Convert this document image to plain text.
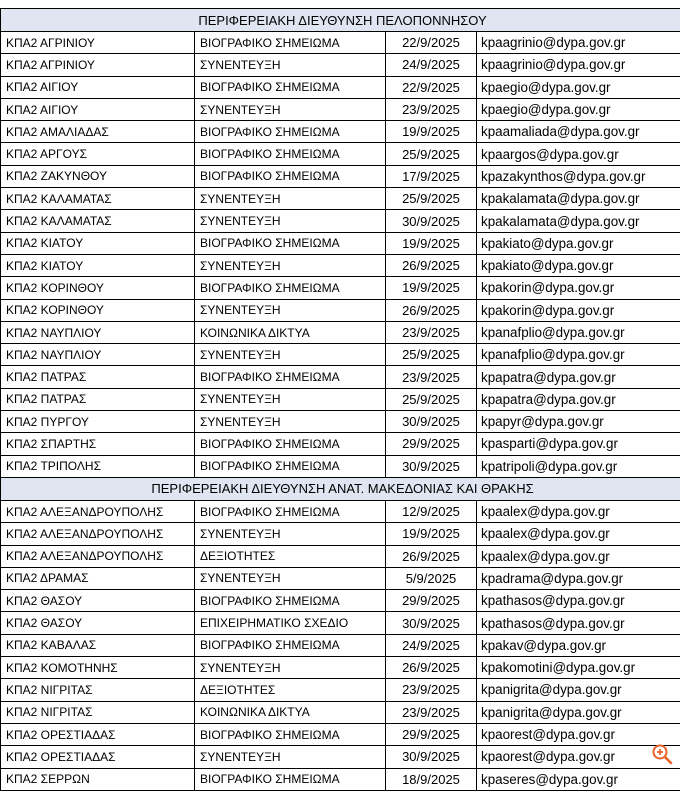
ΠΕΡΙΦΕΡΕΙΑΚΗ ΔΙΕΥΘΥΝΣΗ ΠΕΛΟΠΟΝΝΗΣΟΥ			
ΚΠΑ2 ΑΓΡΙΝΙΟΥ	ΒΙΟΓΡΑΦΙΚΟ ΣΗΜΕΙΩΜΑ	22/9/2025	kpaagrinio@dypa.gov.gr
ΚΠΑ2 ΑΓΡΙΝΙΟΥ	ΣΥΝΕΝΤΕΥΞΗ	24/9/2025	kpaagrinio@dypa.gov.gr
ΚΠΑ2 ΑΙΓΙΟΥ	ΒΙΟΓΡΑΦΙΚΟ ΣΗΜΕΙΩΜΑ	22/9/2025	kpaegio@dypa.gov.gr
ΚΠΑ2 ΑΙΓΙΟΥ	ΣΥΝΕΝΤΕΥΞΗ	23/9/2025	kpaegio@dypa.gov.gr
ΚΠΑ2 ΑΜΑΛΙΑΔΑΣ	ΒΙΟΓΡΑΦΙΚΟ ΣΗΜΕΙΩΜΑ	19/9/2025	kpaamaliada@dypa.gov.gr
ΚΠΑ2 ΑΡΓΟΥΣ	ΒΙΟΓΡΑΦΙΚΟ ΣΗΜΕΙΩΜΑ	25/9/2025	kpaargos@dypa.gov.gr
ΚΠΑ2 ΖΑΚΥΝΘΟΥ	ΒΙΟΓΡΑΦΙΚΟ ΣΗΜΕΙΩΜΑ	17/9/2025	kpazakynthos@dypa.gov.gr
ΚΠΑ2 ΚΑΛΑΜΑΤΑΣ	ΣΥΝΕΝΤΕΥΞΗ	25/9/2025	kpakalamata@dypa.gov.gr
ΚΠΑ2 ΚΑΛΑΜΑΤΑΣ	ΣΥΝΕΝΤΕΥΞΗ	30/9/2025	kpakalamata@dypa.gov.gr
ΚΠΑ2 ΚΙΑΤΟΥ	ΒΙΟΓΡΑΦΙΚΟ ΣΗΜΕΙΩΜΑ	19/9/2025	kpakiato@dypa.gov.gr
ΚΠΑ2 ΚΙΑΤΟΥ	ΣΥΝΕΝΤΕΥΞΗ	26/9/2025	kpakiato@dypa.gov.gr
ΚΠΑ2 ΚΟΡΙΝΘΟΥ	ΒΙΟΓΡΑΦΙΚΟ ΣΗΜΕΙΩΜΑ	19/9/2025	kpakorin@dypa.gov.gr
ΚΠΑ2 ΚΟΡΙΝΘΟΥ	ΣΥΝΕΝΤΕΥΞΗ	26/9/2025	kpakorin@dypa.gov.gr
ΚΠΑ2 ΝΑΥΠΛΙΟΥ	ΚΟΙΝΩΝΙΚΑ ΔΙΚΤΥΑ	23/9/2025	kpanafplio@dypa.gov.gr
ΚΠΑ2 ΝΑΥΠΛΙΟΥ	ΣΥΝΕΝΤΕΥΞΗ	25/9/2025	kpanafplio@dypa.gov.gr
ΚΠΑ2 ΠΑΤΡΑΣ	ΒΙΟΓΡΑΦΙΚΟ ΣΗΜΕΙΩΜΑ	23/9/2025	kpapatra@dypa.gov.gr
ΚΠΑ2 ΠΑΤΡΑΣ	ΣΥΝΕΝΤΕΥΞΗ	25/9/2025	kpapatra@dypa.gov.gr
ΚΠΑ2 ΠΥΡΓΟΥ	ΣΥΝΕΝΤΕΥΞΗ	30/9/2025	kpapyr@dypa.gov.gr
ΚΠΑ2 ΣΠΑΡΤΗΣ	ΒΙΟΓΡΑΦΙΚΟ ΣΗΜΕΙΩΜΑ	29/9/2025	kpasparti@dypa.gov.gr
ΚΠΑ2 ΤΡΙΠΟΛΗΣ	ΒΙΟΓΡΑΦΙΚΟ ΣΗΜΕΙΩΜΑ	30/9/2025	kpatripoli@dypa.gov.gr
ΠΕΡΙΦΕΡΕΙΑΚΗ ΔΙΕΥΘΥΝΣΗ ΑΝΑΤ. ΜΑΚΕΔΟΝΙΑΣ ΚΑΙ ΘΡΑΚΗΣ			
ΚΠΑ2 ΑΛΕΞΑΝΔΡΟΥΠΟΛΗΣ	ΒΙΟΓΡΑΦΙΚΟ ΣΗΜΕΙΩΜΑ	12/9/2025	kpaalex@dypa.gov.gr
ΚΠΑ2 ΑΛΕΞΑΝΔΡΟΥΠΟΛΗΣ	ΣΥΝΕΝΤΕΥΞΗ	19/9/2025	kpaalex@dypa.gov.gr
ΚΠΑ2 ΑΛΕΞΑΝΔΡΟΥΠΟΛΗΣ	ΔΕΞΙΟΤΗΤΕΣ	26/9/2025	kpaalex@dypa.gov.gr
ΚΠΑ2 ΔΡΑΜΑΣ	ΣΥΝΕΝΤΕΥΞΗ	5/9/2025	kpadrama@dypa.gov.gr
ΚΠΑ2 ΘΑΣΟΥ	ΒΙΟΓΡΑΦΙΚΟ ΣΗΜΕΙΩΜΑ	29/9/2025	kpathasos@dypa.gov.gr
ΚΠΑ2 ΘΑΣΟΥ	ΕΠΙΧΕΙΡΗΜΑΤΙΚΟ ΣΧΕΔΙΟ	30/9/2025	kpathasos@dypa.gov.gr
ΚΠΑ2 ΚΑΒΑΛΑΣ	ΒΙΟΓΡΑΦΙΚΟ ΣΗΜΕΙΩΜΑ	24/9/2025	kpakav@dypa.gov.gr
ΚΠΑ2 ΚΟΜΟΤΗΝΗΣ	ΣΥΝΕΝΤΕΥΞΗ	26/9/2025	kpakomotini@dypa.gov.gr
ΚΠΑ2 ΝΙΓΡΙΤΑΣ	ΔΕΞΙΟΤΗΤΕΣ	23/9/2025	kpanigrita@dypa.gov.gr
ΚΠΑ2 ΝΙΓΡΙΤΑΣ	ΚΟΙΝΩΝΙΚΑ ΔΙΚΤΥΑ	23/9/2025	kpanigrita@dypa.gov.gr
ΚΠΑ2 ΟΡΕΣΤΙΑΔΑΣ	ΒΙΟΓΡΑΦΙΚΟ ΣΗΜΕΙΩΜΑ	29/9/2025	kpaorest@dypa.gov.gr
ΚΠΑ2 ΟΡΕΣΤΙΑΔΑΣ	ΣΥΝΕΝΤΕΥΞΗ	30/9/2025	kpaorest@dypa.gov.gr
ΚΠΑ2 ΣΕΡΡΩΝ	ΒΙΟΓΡΑΦΙΚΟ ΣΗΜΕΙΩΜΑ	18/9/2025	kpaseres@dypa.gov.gr
